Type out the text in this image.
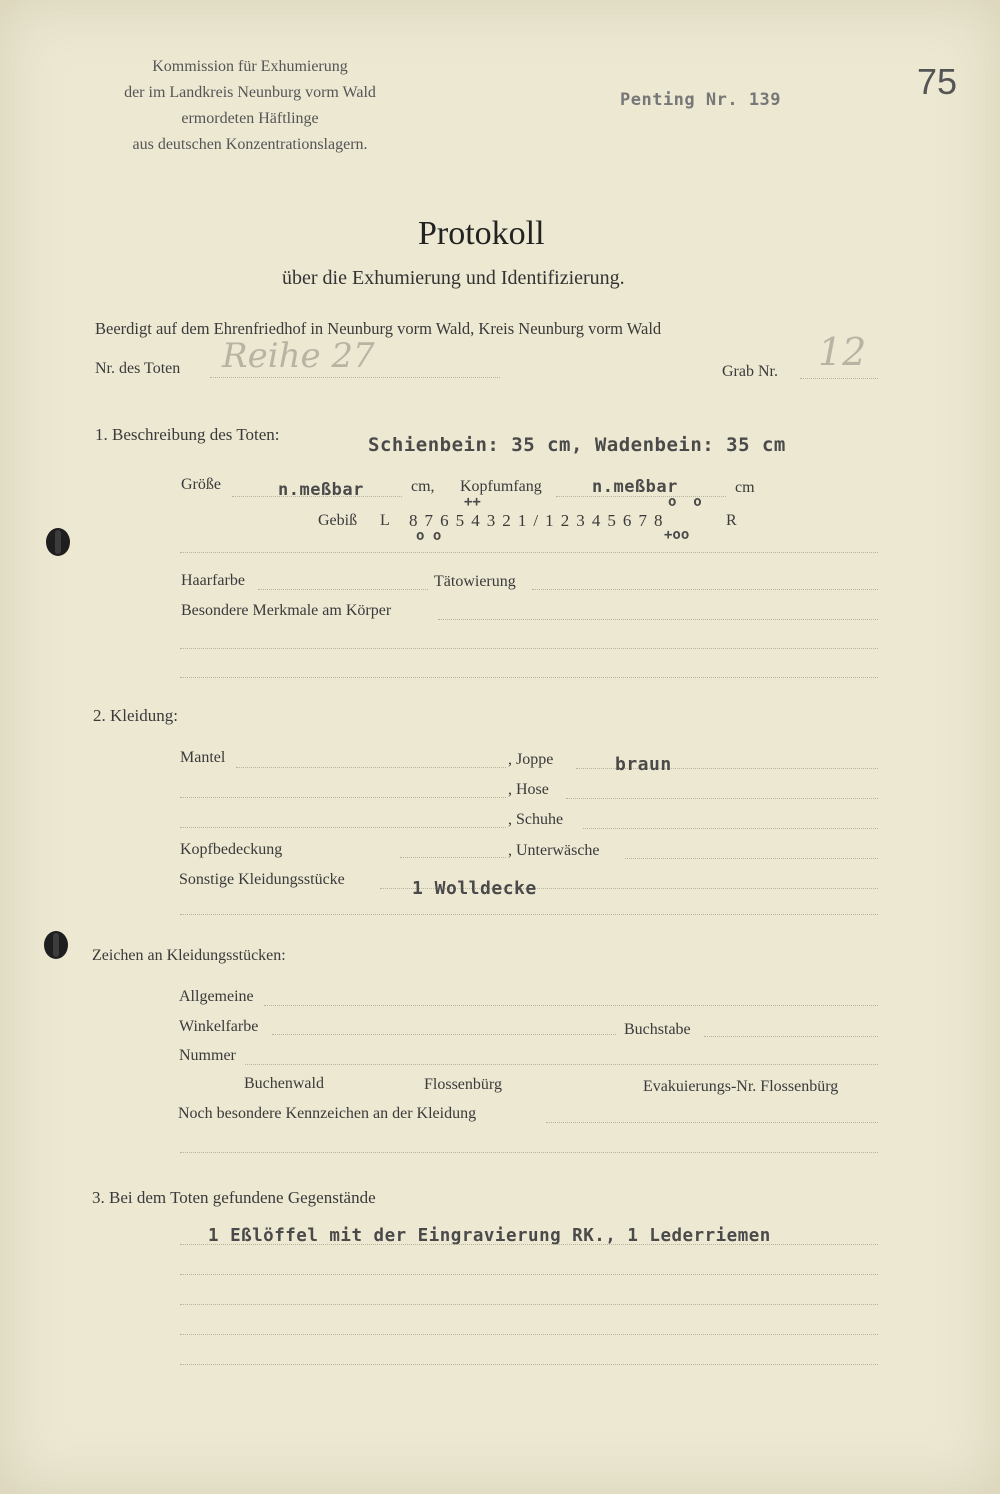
Kommission für Exhumierung
der im Landkreis Neunburg vorm Wald
ermordeten Häftlinge
aus deutschen Konzentrationslagern.
Penting Nr. 139	75
Protokoll
über die Exhumierung und Identifizierung.
Beerdigt auf dem Ehrenfriedhof in Neunburg vorm Wald, Kreis Neunburg vorm Wald
Nr. des Toten Reihe 27	Grab Nr. 12
1. Beschreibung des Toten:	Schienbein: 35 cm, Wadenbein: 35 cm
Größe	n.meßbar	cm, Kopfumfang	n.meßbar	cm
++	o  o
Gebiß L 8 7 6 5 4 3 2 1 / 1 2 3 4 5 6 7 8	R
o o	+oo
Haarfarbe	Tätowierung
Besondere Merkmale am Körper
2. Kleidung:
Mantel	, Joppe	braun
, Hose
, Schuhe
Kopfbedeckung	, Unterwäsche
Sonstige Kleidungsstücke	1 Wolldecke
Zeichen an Kleidungsstücken:
Allgemeine
Winkelfarbe	Buchstabe
Nummer
Buchenwald	Flossenbürg	Evakuierungs-Nr. Flossenbürg
Noch besondere Kennzeichen an der Kleidung
3. Bei dem Toten gefundene Gegenstände
1 Eßlöffel mit der Eingravierung RK., 1 Lederriemen
